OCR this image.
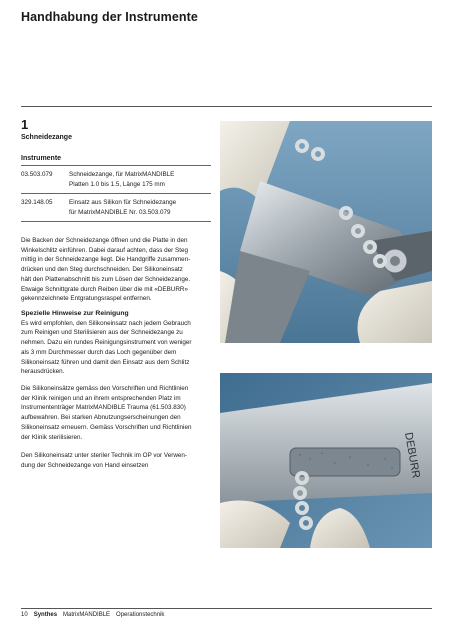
Handhabung der Instrumente
1
Schneidezange
Instrumente
03.503.079	Schneidezange, für MatrixMANDIBLE
Platten 1.0 bis 1.5, Länge 175 mm
329.148.05	Einsatz aus Silikon für Schneidezange
für MatrixMANDIBLE Nr. 03.503.079

Die Backen der Schneidezange öffnen und die Platte in den

Winkelschlitz einführen. Dabei darauf achten, dass der Steg

mittig in der Schneidezange liegt. Die Handgriffe zusammen-

drücken und den Steg durchschneiden. Der Silikoneinsatz

hält den Plattenabschnitt bis zum Lösen der Schneidezange.

Etwaige Schnittgrate durch Reiben über die mit «DEBURR»

gekennzeichnete Entgratungsraspel entfernen.

Spezielle Hinweise zur Reinigung

Es wird empfohlen, den Silikoneinsatz nach jedem Gebrauch

zum Reinigen und Sterilisieren aus der Schneidezange zu

nehmen. Dazu ein rundes Reinigungsinstrument von weniger

als 3 mm Durchmesser durch das Loch gegenüber dem

Silikoneinsatz führen und damit den Einsatz aus dem Schlitz

herausdrücken.

Die Silikoneinsätze gemäss den Vorschriften und Richtlinien

der Klinik reinigen und an ihrem entsprechenden Platz im

Instrumententräger MatrixMANDIBLE Trauma (61.503.830)

aufbewahren. Bei starken Abnutzungserscheinungen den

Silikoneinsatz erneuern. Gemäss Vorschriften und Richtlinien

der Klinik sterilisieren.

Den Silikoneinsatz unter steriler Technik im OP vor Verwen-

dung der Schneidezange von Hand einsetzen	DEBURR
10 Synthes MatrixMANDIBLE Operationstechnik
